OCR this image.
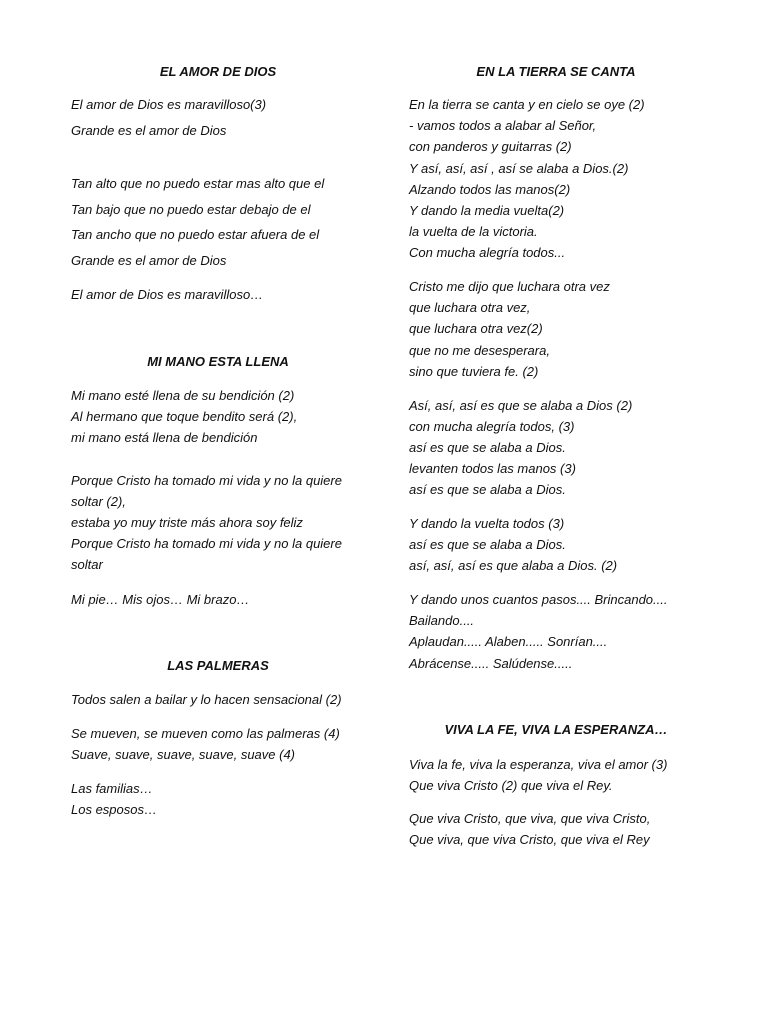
EL AMOR DE DIOS
El amor de Dios es maravilloso(3)
Grande es el amor de Dios
Tan alto que no puedo estar mas alto que el
Tan bajo que no puedo estar debajo de el
Tan ancho que no puedo estar afuera de el
Grande es el amor de Dios
El amor de Dios es maravilloso…
MI MANO ESTA LLENA
Mi mano esté llena de su bendición (2)
Al hermano que toque bendito será (2),
mi mano está llena de bendición
Porque Cristo ha tomado mi vida y no la quiere
soltar (2),
estaba yo muy triste más ahora soy feliz
Porque Cristo ha tomado mi vida y no la quiere
soltar
Mi pie… Mis ojos… Mi brazo…
LAS PALMERAS
Todos salen a bailar y lo hacen sensacional (2)
Se mueven, se mueven como las palmeras (4)
Suave, suave, suave, suave, suave (4)
Las familias…
Los esposos…
EN LA TIERRA SE CANTA
En la tierra se canta y en cielo se oye (2)
- vamos todos a alabar al Señor,
con panderos y guitarras (2)
Y así, así, así , así se alaba a Dios.(2)
Alzando todos las manos(2)
Y dando la media vuelta(2)
la vuelta de la victoria.
Con mucha alegría todos...
Cristo me dijo que luchara otra vez
que luchara otra vez,
que luchara otra vez(2)
que no me desesperara,
sino que tuviera fe. (2)
Así, así, así es que se alaba a Dios (2)
con mucha alegría todos, (3)
así es que se alaba a Dios.
levanten todos las manos (3)
así es que se alaba a Dios.
Y dando la vuelta todos (3)
así es que se alaba a Dios.
así, así, así es que alaba a Dios. (2)
Y dando unos cuantos pasos.... Brincando....
Bailando....
Aplaudan..... Alaben..... Sonrían....
Abrácense..... Salúdense.....
VIVA LA FE, VIVA LA ESPERANZA…
Viva la fe, viva la esperanza, viva el amor (3)
Que viva Cristo (2) que viva el Rey.
Que viva Cristo, que viva, que viva Cristo,
Que viva, que viva Cristo, que viva el Rey
